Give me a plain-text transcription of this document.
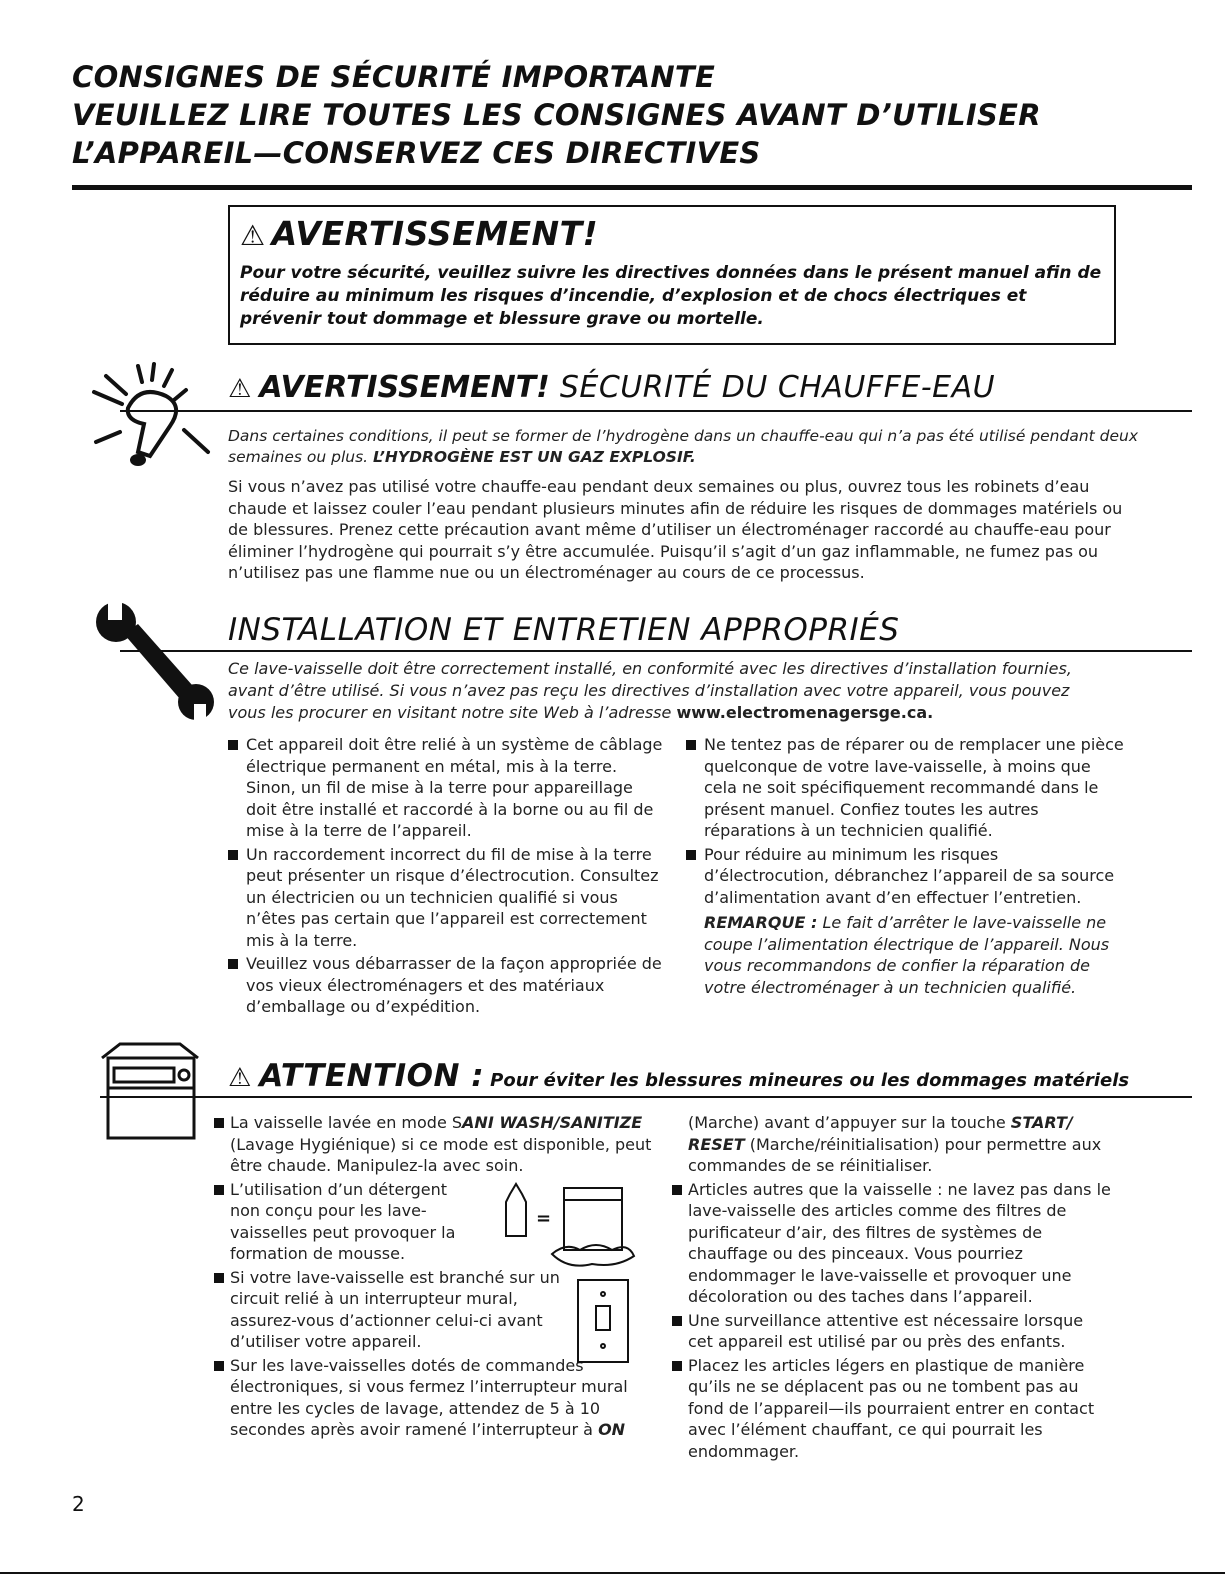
CONSIGNES DE SÉCURITÉ IMPORTANTE
VEUILLEZ LIRE TOUTES LES CONSIGNES AVANT D’UTILISER
L’APPAREIL—CONSERVEZ CES DIRECTIVES
⚠ AVERTISSEMENT!
Pour votre sécurité, veuillez suivre les directives données dans le présent manuel afin de réduire au minimum les risques d’incendie, d’explosion et de chocs électriques et prévenir tout dommage et blessure grave ou mortelle.
⚠ AVERTISSEMENT! SÉCURITÉ DU CHAUFFE-EAU
Dans certaines conditions, il peut se former de l’hydrogène dans un chauffe-eau qui n’a pas été utilisé pendant deux semaines ou plus. L’HYDROGÈNE EST UN GAZ EXPLOSIF.
Si vous n’avez pas utilisé votre chauffe-eau pendant deux semaines ou plus, ouvrez tous les robinets d’eau chaude et laissez couler l’eau pendant plusieurs minutes afin de réduire les risques de dommages matériels ou de blessures. Prenez cette précaution avant même d’utiliser un électroménager raccordé au chauffe-eau pour éliminer l’hydrogène qui pourrait s’y être accumulée. Puisqu’il s’agit d’un gaz inflammable, ne fumez pas ou n’utilisez pas une flamme nue ou un électroménager au cours de ce processus.
INSTALLATION ET ENTRETIEN APPROPRIÉS
Ce lave-vaisselle doit être correctement installé, en conformité avec les directives d’installation fournies, avant d’être utilisé. Si vous n’avez pas reçu les directives d’installation avec votre appareil, vous pouvez vous les procurer en visitant notre site Web à l’adresse www.electromenagersge.ca.
Cet appareil doit être relié à un système de câblage électrique permanent en métal, mis à la terre. Sinon, un fil de mise à la terre pour appareillage doit être installé et raccordé à la borne ou au fil de mise à la terre de l’appareil.
Un raccordement incorrect du fil de mise à la terre peut présenter un risque d’électrocution. Consultez un électricien ou un technicien qualifié si vous n’êtes pas certain que l’appareil est correctement mis à la terre.
Veuillez vous débarrasser de la façon appropriée de vos vieux électroménagers et des matériaux d’emballage ou d’expédition.
Ne tentez pas de réparer ou de remplacer une pièce quelconque de votre lave-vaisselle, à moins que cela ne soit spécifiquement recommandé dans le présent manuel. Confiez toutes les autres réparations à un technicien qualifié.
Pour réduire au minimum les risques d’électrocution, débranchez l’appareil de sa source d’alimentation avant d’en effectuer l’entretien.
REMARQUE : Le fait d’arrêter le lave-vaisselle ne coupe l’alimentation électrique de l’appareil. Nous vous recommandons de confier la réparation de votre électroménager à un technicien qualifié.
⚠ ATTENTION : Pour éviter les blessures mineures ou les dommages matériels
La vaisselle lavée en mode SANI WASH/SANITIZE (Lavage Hygiénique) si ce mode est disponible, peut être chaude. Manipulez-la avec soin.
L’utilisation d’un détergent non conçu pour les lave-vaisselles peut provoquer la formation de mousse.
Si votre lave-vaisselle est branché sur un circuit relié à un interrupteur mural, assurez-vous d’actionner celui-ci avant d’utiliser votre appareil.
Sur les lave-vaisselles dotés de commandes électroniques, si vous fermez l’interrupteur mural entre les cycles de lavage, attendez de 5 à 10 secondes après avoir ramené l’interrupteur à ON
=
(Marche) avant d’appuyer sur la touche START/ RESET (Marche/réinitialisation) pour permettre aux commandes de se réinitialiser.
Articles autres que la vaisselle : ne lavez pas dans le lave-vaisselle des articles comme des filtres de purificateur d’air, des filtres de systèmes de chauffage ou des pinceaux. Vous pourriez endommager le lave-vaisselle et provoquer une décoloration ou des taches dans l’appareil.
Une surveillance attentive est nécessaire lorsque cet appareil est utilisé par ou près des enfants.
Placez les articles légers en plastique de manière qu’ils ne se déplacent pas ou ne tombent pas au fond de l’appareil—ils pourraient entrer en contact avec l’élément chauffant, ce qui pourrait les endommager.
2
